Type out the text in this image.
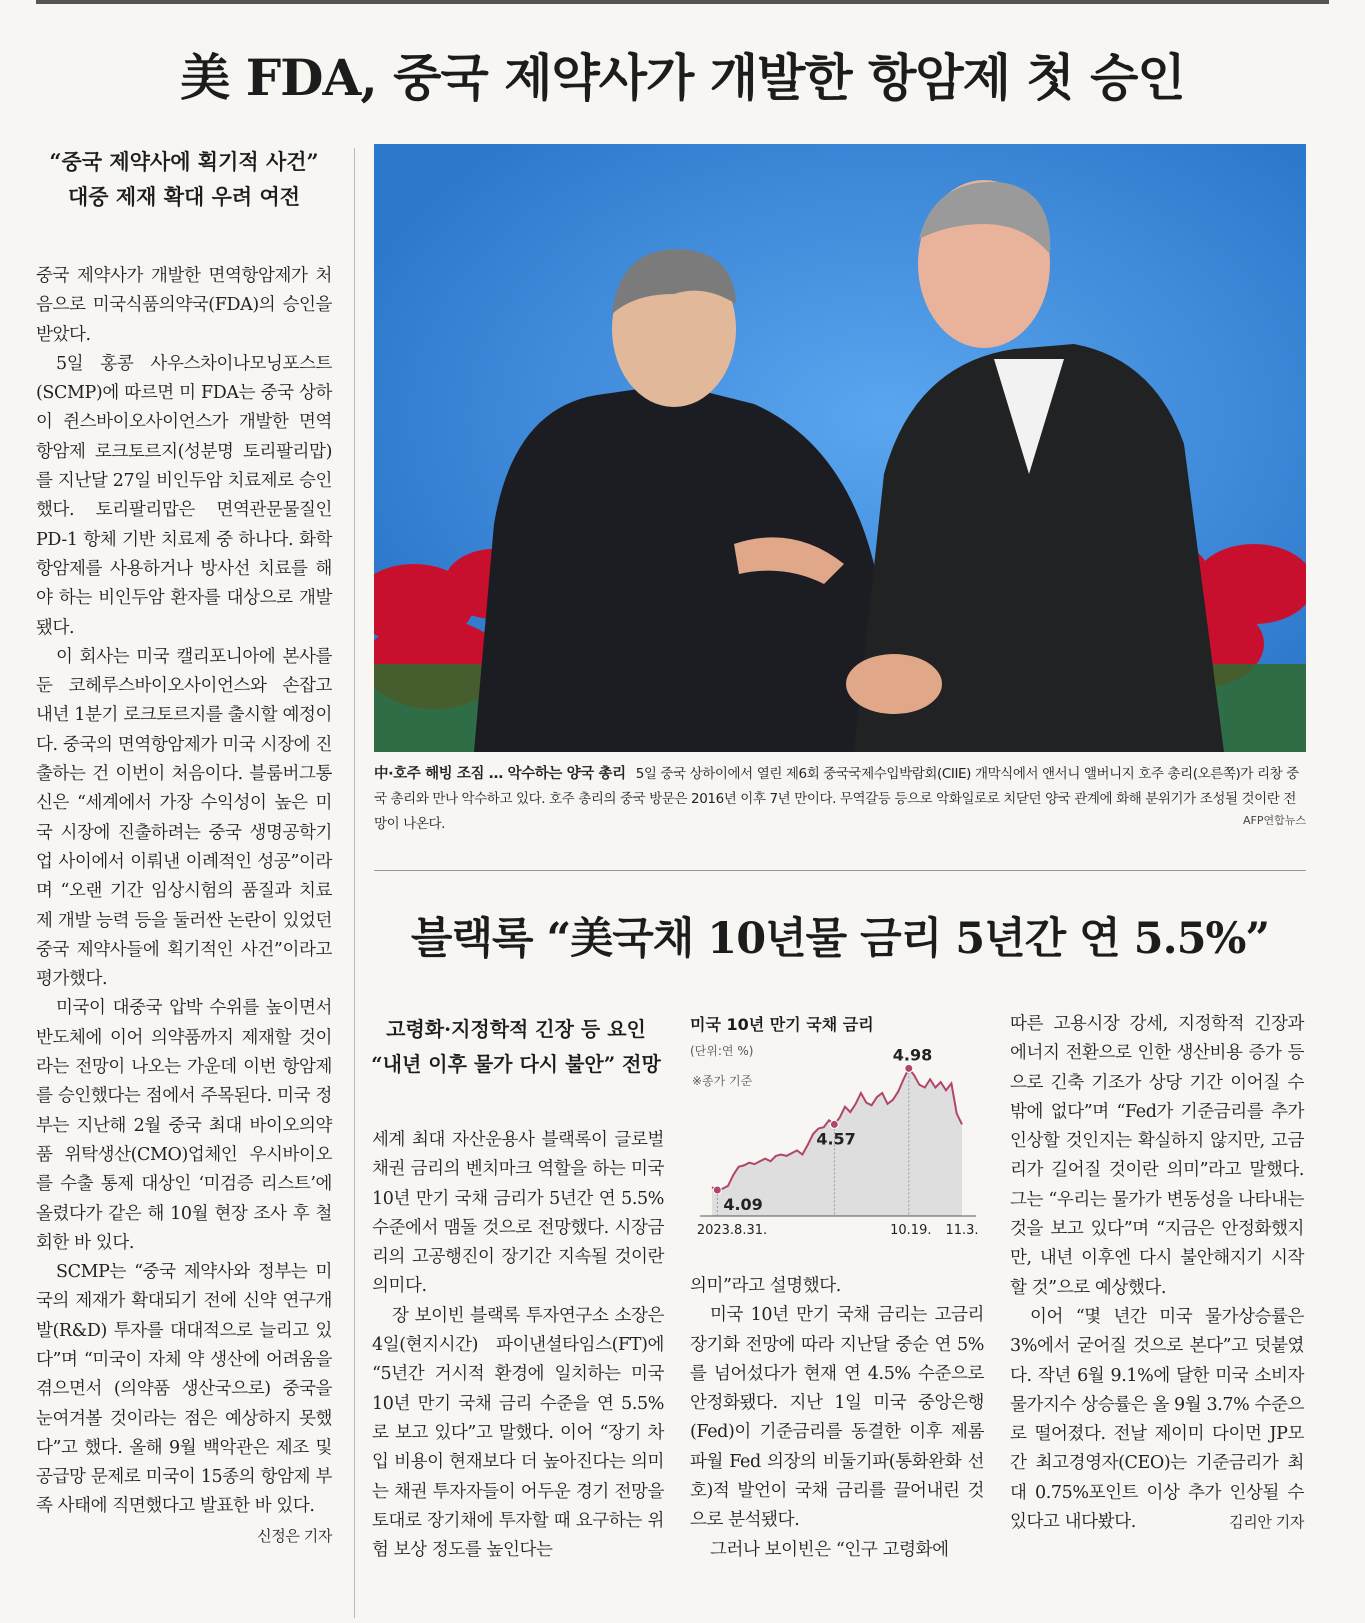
美 FDA, 중국 제약사가 개발한 항암제 첫 승인
“중국 제약사에 획기적 사건”
대중 제재 확대 우려 여전

중국 제약사가 개발한 면역항암제가 처음으로 미국식품의약국(FDA)의 승인을 받았다.

5일 홍콩 사우스차이나모닝포스트(SCMP)에 따르면 미 FDA는 중국 상하이 쥔스바이오사이언스가 개발한 면역항암제 로크토르지(성분명 토리팔리맙)를 지난달 27일 비인두암 치료제로 승인했다. 토리팔리맙은 면역관문물질인 PD-1 항체 기반 치료제 중 하나다. 화학항암제를 사용하거나 방사선 치료를 해야 하는 비인두암 환자를 대상으로 개발됐다.

이 회사는 미국 캘리포니아에 본사를 둔 코헤루스바이오사이언스와 손잡고 내년 1분기 로크토르지를 출시할 예정이다. 중국의 면역항암제가 미국 시장에 진출하는 건 이번이 처음이다. 블룸버그통신은 “세계에서 가장 수익성이 높은 미국 시장에 진출하려는 중국 생명공학기업 사이에서 이뤄낸 이례적인 성공”이라며 “오랜 기간 임상시험의 품질과 치료제 개발 능력 등을 둘러싼 논란이 있었던 중국 제약사들에 획기적인 사건”이라고 평가했다.

미국이 대중국 압박 수위를 높이면서 반도체에 이어 의약품까지 제재할 것이라는 전망이 나오는 가운데 이번 항암제를 승인했다는 점에서 주목된다. 미국 정부는 지난해 2월 중국 최대 바이오의약품 위탁생산(CMO)업체인 우시바이오를 수출 통제 대상인 ‘미검증 리스트’에 올렸다가 같은 해 10월 현장 조사 후 철회한 바 있다.

SCMP는 “중국 제약사와 정부는 미국의 제재가 확대되기 전에 신약 연구개발(R&D) 투자를 대대적으로 늘리고 있다”며 “미국이 자체 약 생산에 어려움을 겪으면서 (의약품 생산국으로) 중국을 눈여겨볼 것이라는 점은 예상하지 못했다”고 했다. 올해 9월 백악관은 제조 및 공급망 문제로 미국이 15종의 항암제 부족 사태에 직면했다고 발표한 바 있다.
신정은 기자

中·호주 해빙 조짐 … 악수하는 양국 총리 5일 중국 상하이에서 열린 제6회 중국국제수입박람회(CIIE) 개막식에서 앤서니 앨버니지 호주 총리(오른쪽)가 리창 중국 총리와 만나 악수하고 있다. 호주 총리의 중국 방문은 2016년 이후 7년 만이다. 무역갈등 등으로 악화일로로 치닫던 양국 관계에 화해 분위기가 조성될 것이란 전망이 나온다.	AFP연합뉴스
블랙록 “美국채 10년물 금리 5년간 연 5.5%”
고령화·지정학적 긴장 등 요인
“내년 이후 물가 다시 불안” 전망

세계 최대 자산운용사 블랙록이 글로벌 채권 금리의 벤치마크 역할을 하는 미국 10년 만기 국채 금리가 5년간 연 5.5% 수준에서 맴돌 것으로 전망했다. 시장금리의 고공행진이 장기간 지속될 것이란 의미다.

장 보이빈 블랙록 투자연구소 소장은 4일(현지시간) 파이낸셜타임스(FT)에 “5년간 거시적 환경에 일치하는 미국 10년 만기 국채 금리 수준을 연 5.5%로 보고 있다”고 말했다. 이어 “장기 차입 비용이 현재보다 더 높아진다는 의미는 채권 투자자들이 어두운 경기 전망을 토대로 장기채에 투자할 때 요구하는 위험 보상 정도를 높인다는

미국 10년 만기 국채 금리
(단위:연 %)
※종가 기준
4.09
4.98
4.57
2023.8.31.	10.19. 11.3.

의미”라고 설명했다.

미국 10년 만기 국채 금리는 고금리 장기화 전망에 따라 지난달 중순 연 5%를 넘어섰다가 현재 연 4.5% 수준으로 안정화됐다. 지난 1일 미국 중앙은행(Fed)이 기준금리를 동결한 이후 제롬 파월 Fed 의장의 비둘기파(통화완화 선호)적 발언이 국채 금리를 끌어내린 것으로 분석됐다.

그러나 보이빈은 “인구 고령화에

따른 고용시장 강세, 지정학적 긴장과 에너지 전환으로 인한 생산비용 증가 등으로 긴축 기조가 상당 기간 이어질 수밖에 없다”며 “Fed가 기준금리를 추가 인상할 것인지는 확실하지 않지만, 고금리가 길어질 것이란 의미”라고 말했다. 그는 “우리는 물가가 변동성을 나타내는 것을 보고 있다”며 “지금은 안정화했지만, 내년 이후엔 다시 불안해지기 시작할 것”으로 예상했다.

이어 “몇 년간 미국 물가상승률은 3%에서 굳어질 것으로 본다”고 덧붙였다. 작년 6월 9.1%에 달한 미국 소비자물가지수 상승률은 올 9월 3.7% 수준으로 떨어졌다. 전날 제이미 다이먼 JP모간 최고경영자(CEO)는 기준금리가 최대 0.75%포인트 이상 추가 인상될 수 있다고 내다봤다.	김리안 기자
